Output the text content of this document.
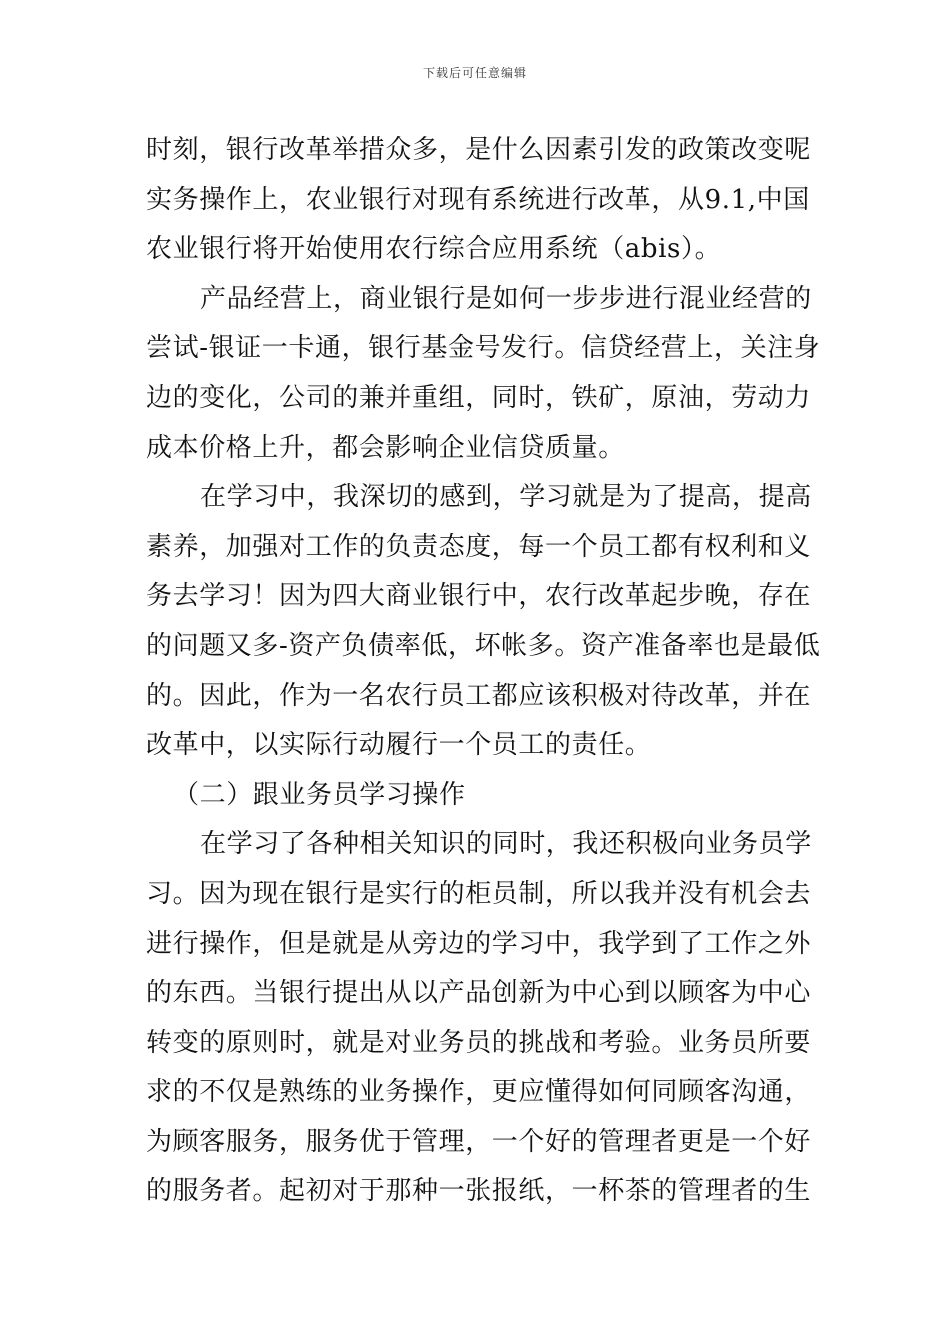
下载后可任意编辑
时刻，银行改革举措众多，是什么因素引发的政策改变呢
实务操作上，农业银行对现有系统进行改革，从9.1,中国
农业银行将开始使用农行综合应用系统（abis）。
产品经营上，商业银行是如何一步步进行混业经营的
尝试-银证一卡通，银行基金号发行。信贷经营上，关注身
边的变化，公司的兼并重组，同时，铁矿，原油，劳动力
成本价格上升，都会影响企业信贷质量。
在学习中，我深切的感到，学习就是为了提高，提高
素养，加强对工作的负责态度，每一个员工都有权利和义
务去学习！因为四大商业银行中，农行改革起步晚，存在
的问题又多-资产负债率低，坏帐多。资产准备率也是最低
的。因此，作为一名农行员工都应该积极对待改革，并在
改革中，以实际行动履行一个员工的责任。
（二）跟业务员学习操作
在学习了各种相关知识的同时，我还积极向业务员学
习。因为现在银行是实行的柜员制，所以我并没有机会去
进行操作，但是就是从旁边的学习中，我学到了工作之外
的东西。当银行提出从以产品创新为中心到以顾客为中心
转变的原则时，就是对业务员的挑战和考验。业务员所要
求的不仅是熟练的业务操作，更应懂得如何同顾客沟通，
为顾客服务，服务优于管理，一个好的管理者更是一个好
的服务者。起初对于那种一张报纸，一杯茶的管理者的生
